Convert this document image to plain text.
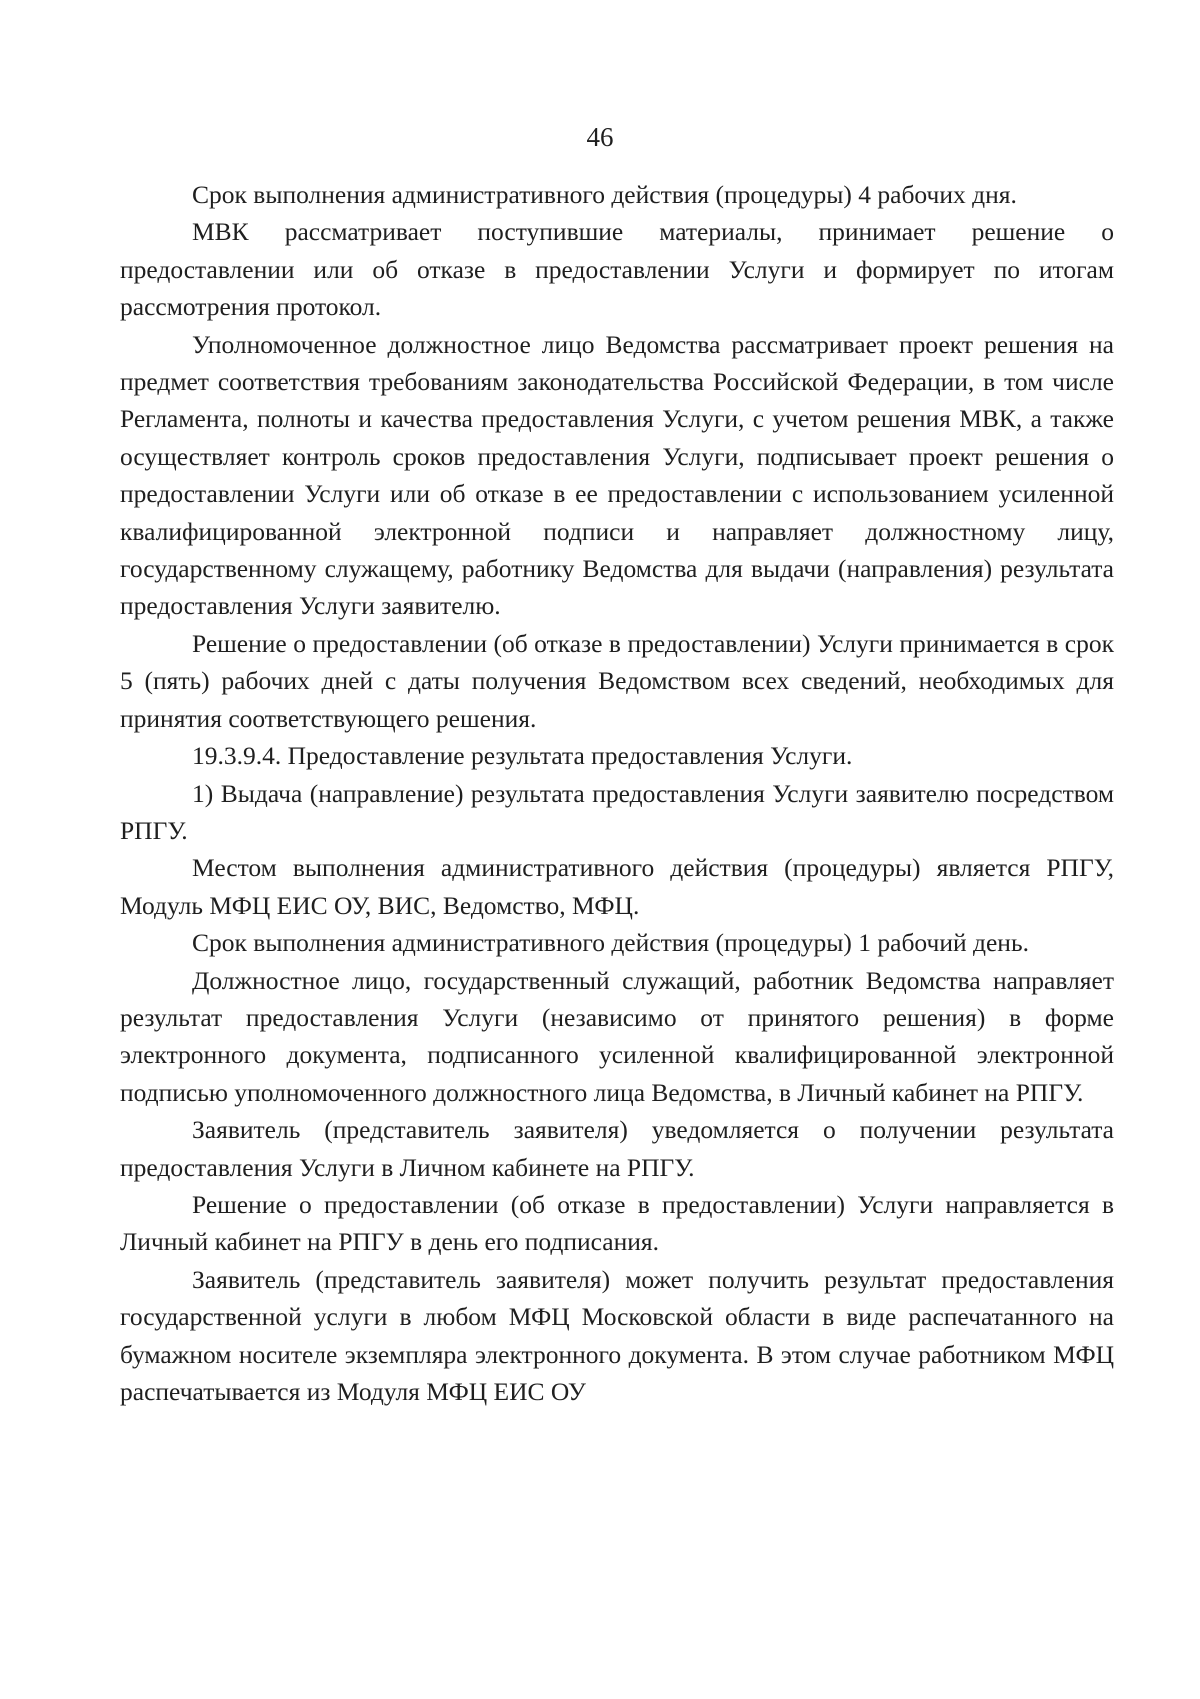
46

Срок выполнения административного действия (процедуры) 4 рабочих дня.

МВК рассматривает поступившие материалы, принимает решение о предоставлении или об отказе в предоставлении Услуги и формирует по итогам рассмотрения протокол.

Уполномоченное должностное лицо Ведомства рассматривает проект решения на предмет соответствия требованиям законодательства Российской Федерации, в том числе Регламента, полноты и качества предоставления Услуги, с учетом решения МВК, а также осуществляет контроль сроков предоставления Услуги, подписывает проект решения о предоставлении Услуги или об отказе в ее предоставлении с использованием усиленной квалифицированной электронной подписи и направляет должностному лицу, государственному служащему, работнику Ведомства для выдачи (направления) результата предоставления Услуги заявителю.

Решение о предоставлении (об отказе в предоставлении) Услуги принимается в срок 5 (пять) рабочих дней с даты получения Ведомством всех сведений, необходимых для принятия соответствующего решения.

19.3.9.4. Предоставление результата предоставления Услуги.

1) Выдача (направление) результата предоставления Услуги заявителю посредством РПГУ.

Местом выполнения административного действия (процедуры) является РПГУ, Модуль МФЦ ЕИС ОУ, ВИС, Ведомство, МФЦ.

Срок выполнения административного действия (процедуры) 1 рабочий день.

Должностное лицо, государственный служащий, работник Ведомства направляет результат предоставления Услуги (независимо от принятого решения) в форме электронного документа, подписанного усиленной квалифицированной электронной подписью уполномоченного должностного лица Ведомства, в Личный кабинет на РПГУ.

Заявитель (представитель заявителя) уведомляется о получении результата предоставления Услуги в Личном кабинете на РПГУ.

Решение о предоставлении (об отказе в предоставлении) Услуги направляется в Личный кабинет на РПГУ в день его подписания.

Заявитель (представитель заявителя) может получить результат предоставления государственной услуги в любом МФЦ Московской области в виде распечатанного на бумажном носителе экземпляра электронного документа. В этом случае работником МФЦ распечатывается из Модуля МФЦ ЕИС ОУ
